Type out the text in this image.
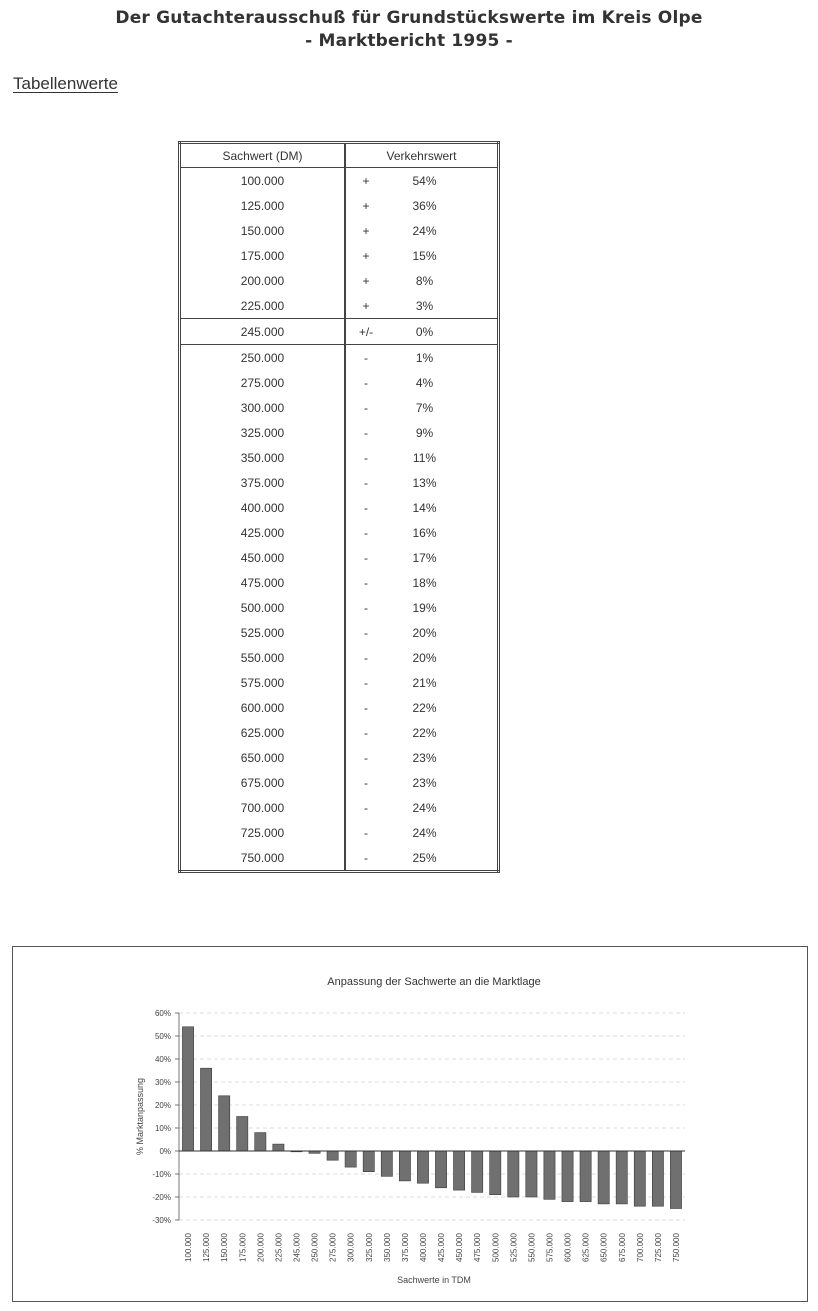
Der Gutachterausschuß für Grundstückswerte im Kreis Olpe
- Marktbericht 1995 -
Tabellenwerte
Sachwert (DM)	Verkehrswert	
100.000	+	54%
125.000	+	36%
150.000	+	24%
175.000	+	15%
200.000	+	8%
225.000	+	3%
245.000	+/-	0%
250.000	-	1%
275.000	-	4%
300.000	-	7%
325.000	-	9%
350.000	-	11%
375.000	-	13%
400.000	-	14%
425.000	-	16%
450.000	-	17%
475.000	-	18%
500.000	-	19%
525.000	-	20%
550.000	-	20%
575.000	-	21%
600.000	-	22%
625.000	-	22%
650.000	-	23%
675.000	-	23%
700.000	-	24%
725.000	-	24%
750.000	-	25%
Anpassung der Sachwerte an die Marktlage
60%
50%
40%
30%
20%
10%
0%
-10%
-20%
-30%
100.000 125.000 150.000 175.000 200.000 225.000 245.000 250.000 275.000 300.000 325.000 350.000 375.000 400.000 425.000 450.000 475.000 500.000 525.000 550.000 575.000 600.000 625.000 650.000 675.000 700.000 725.000 750.000
Sachwerte in TDM
% Marktanpassung
